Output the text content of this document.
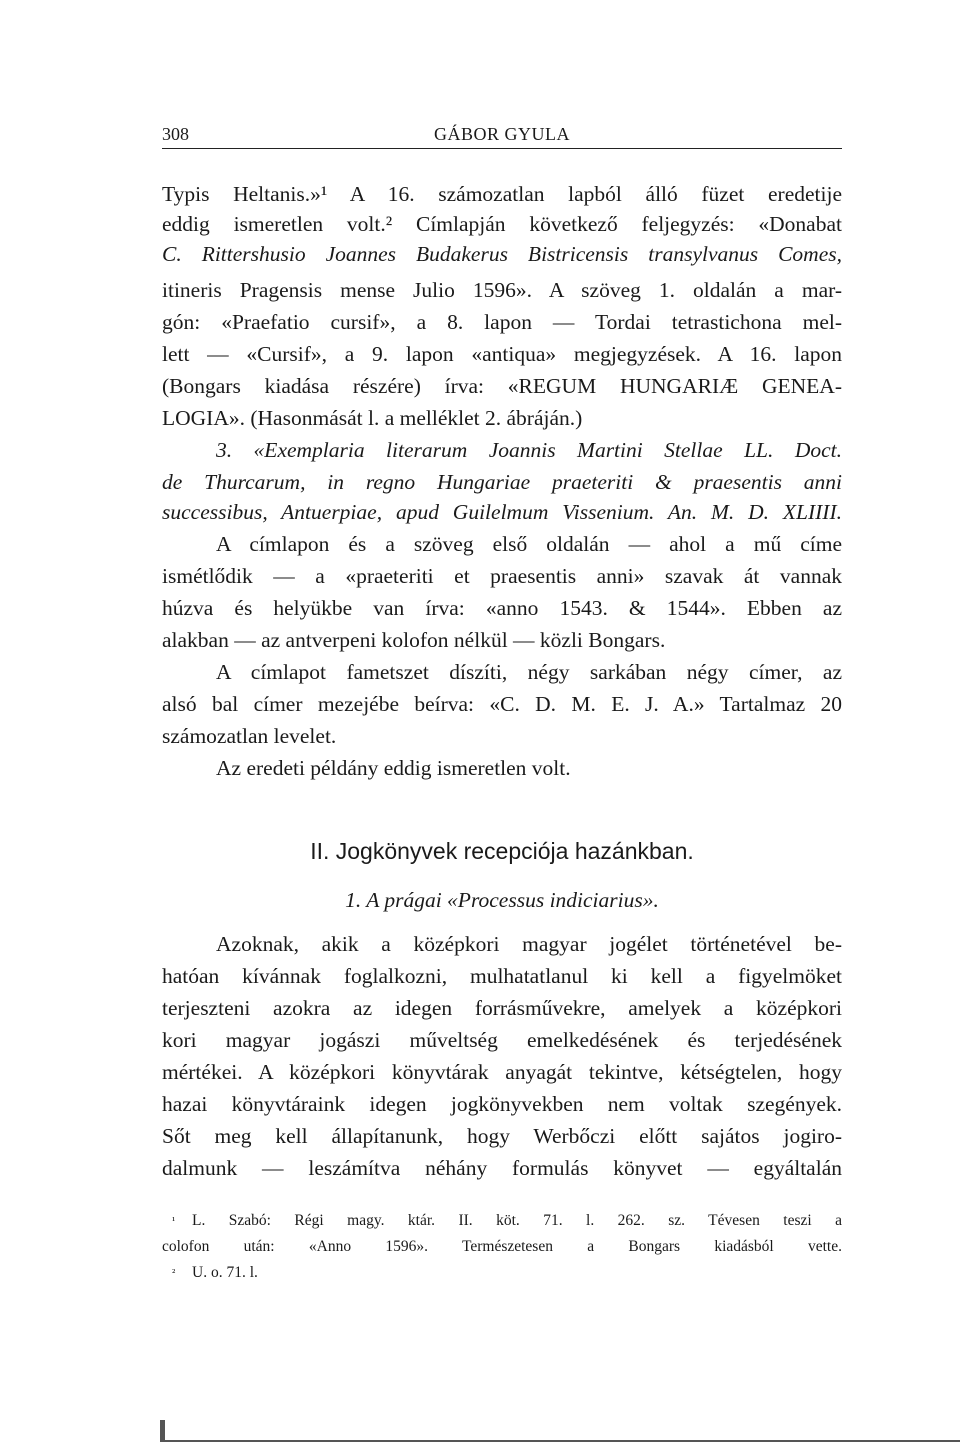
308	GÁBOR GYULA
Typis Heltanis.»¹ A 16. számozatlan lapból álló füzet eredetije
eddig ismeretlen volt.² Címlapján következő feljegyzés: «Donabat
C. Rittershusio Joannes Budakerus Bistricensis transylvanus Comes,
itineris Pragensis mense Julio 1596». A szöveg 1. oldalán a mar-
gón: «Praefatio cursif», a 8. lapon — Tordai tetrastichona mel-
lett — «Cursif», a 9. lapon «antiqua» megjegyzések. A 16. lapon
(Bongars kiadása részére) írva: «REGUM HUNGARIÆ GENEA-
LOGIA». (Hasonmását l. a melléklet 2. ábráján.)
3. «Exemplaria literarum Joannis Martini Stellae LL. Doct.
de Thurcarum, in regno Hungariae praeteriti & praesentis anni
successibus, Antuerpiae, apud Guilelmum Vissenium. An. M. D. XLIIII.
A címlapon és a szöveg első oldalán — ahol a mű címe
ismétlődik — a «praeteriti et praesentis anni» szavak át vannak
húzva és helyükbe van írva: «anno 1543. & 1544». Ebben az
alakban — az antverpeni kolofon nélkül — közli Bongars.
A címlapot fametszet díszíti, négy sarkában négy címer, az
alsó bal címer mezejébe beírva: «C. D. M. E. J. A.» Tartalmaz 20
számozatlan levelet.
Az eredeti példány eddig ismeretlen volt.
II. Jogkönyvek recepciója hazánkban.
1. A prágai «Processus indiciarius».
Azoknak, akik a középkori magyar jogélet történetével be-
hatóan kívánnak foglalkozni, mulhatatlanul ki kell a figyelmöket
terjeszteni azokra az idegen forrásművekre, amelyek a középkori
kori magyar jogászi műveltség emelkedésének és terjedésének
mértékei. A középkori könyvtárak anyagát tekintve, kétségtelen, hogy
hazai könyvtáraink idegen jogkönyvekben nem voltak szegények.
Sőt meg kell állapítanunk, hogy Werbőczi előtt sajátos jogiro-
dalmunk — leszámítva néhány formulás könyvet — egyáltalán
¹ L. Szabó: Régi magy. ktár. II. köt. 71. l. 262. sz. Tévesen teszi a
colofon után: «Anno 1596». Természetesen a Bongars kiadásból vette.
² U. o. 71. l.
